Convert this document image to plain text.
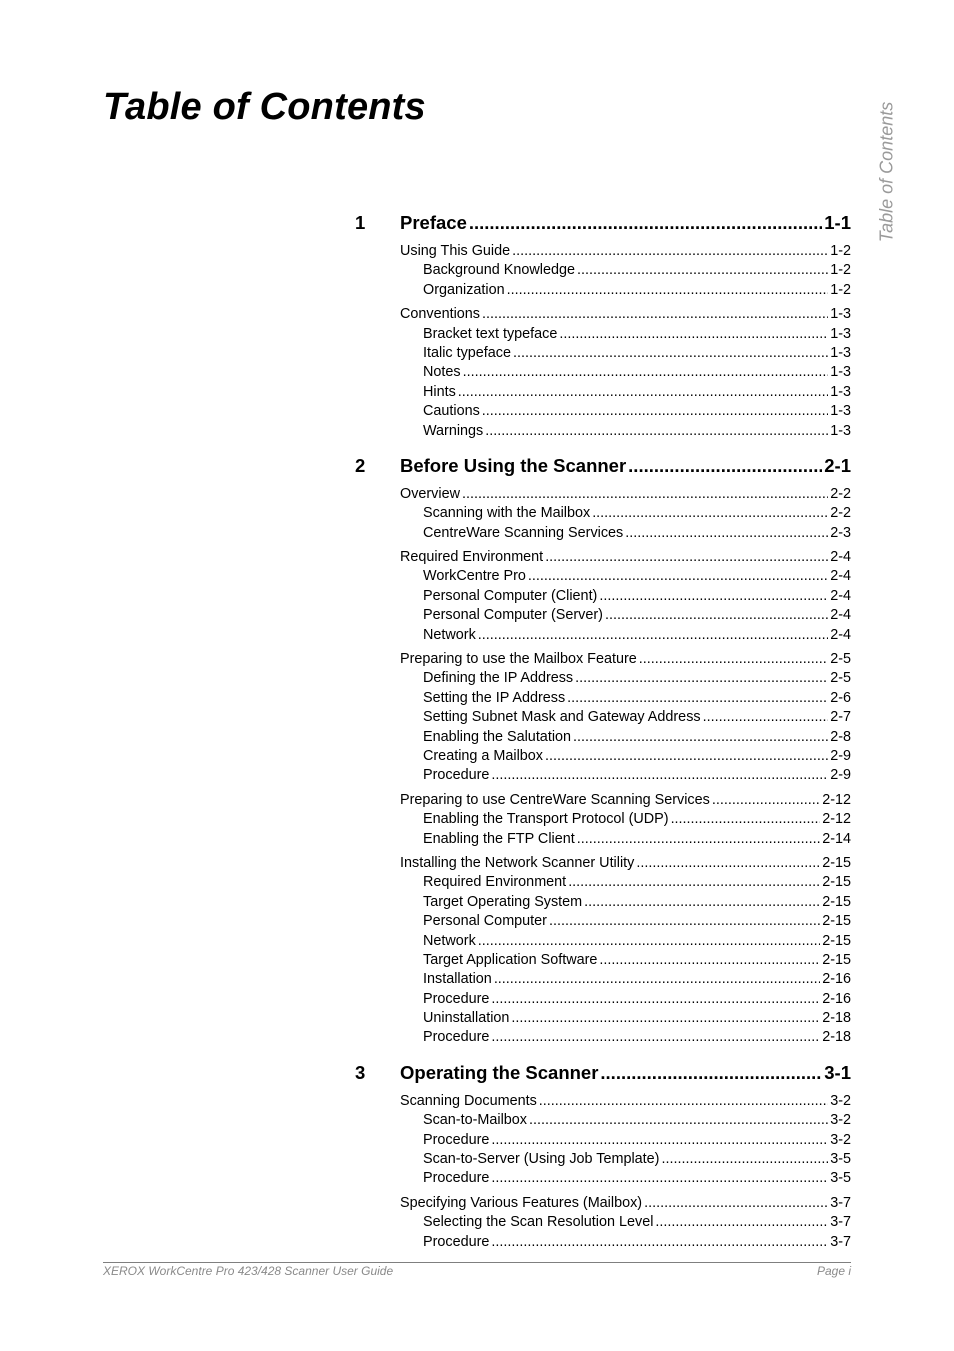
Table of Contents	Table of Contents
1	Preface .....	1-1
Using This Guide .....	1-2
Background Knowledge .....	1-2
Organization .....	1-2
Conventions .....	1-3
Bracket text typeface .....	1-3
Italic typeface .....	1-3
Notes .....	1-3
Hints .....	1-3
Cautions .....	1-3
Warnings .....	1-3
2	Before Using the Scanner .....	2-1
Overview .....	2-2
Scanning with the Mailbox .....	2-2
CentreWare Scanning Services .....	2-3
Required Environment .....	2-4
WorkCentre Pro .....	2-4
Personal Computer (Client) .....	2-4
Personal Computer (Server) .....	2-4
Network .....	2-4
Preparing to use the Mailbox Feature .....	2-5
Defining the IP Address .....	2-5
Setting the IP Address .....	2-6
Setting Subnet Mask and Gateway Address .....	2-7
Enabling the Salutation .....	2-8
Creating a Mailbox .....	2-9
Procedure .....	2-9
Preparing to use CentreWare Scanning Services .....	2-12
Enabling the Transport Protocol (UDP) .....	2-12
Enabling the FTP Client .....	2-14
Installing the Network Scanner Utility .....	2-15
Required Environment .....	2-15
Target Operating System .....	2-15
Personal Computer .....	2-15
Network .....	2-15
Target Application Software .....	2-15
Installation .....	2-16
Procedure .....	2-16
Uninstallation .....	2-18
Procedure .....	2-18
3	Operating the Scanner .....	3-1
Scanning Documents .....	3-2
Scan-to-Mailbox .....	3-2
Procedure .....	3-2
Scan-to-Server (Using Job Template) .....	3-5
Procedure .....	3-5
Specifying Various Features (Mailbox) .....	3-7
Selecting the Scan Resolution Level .....	3-7
Procedure .....	3-7
XEROX WorkCentre Pro 423/428 Scanner User Guide	Page i
